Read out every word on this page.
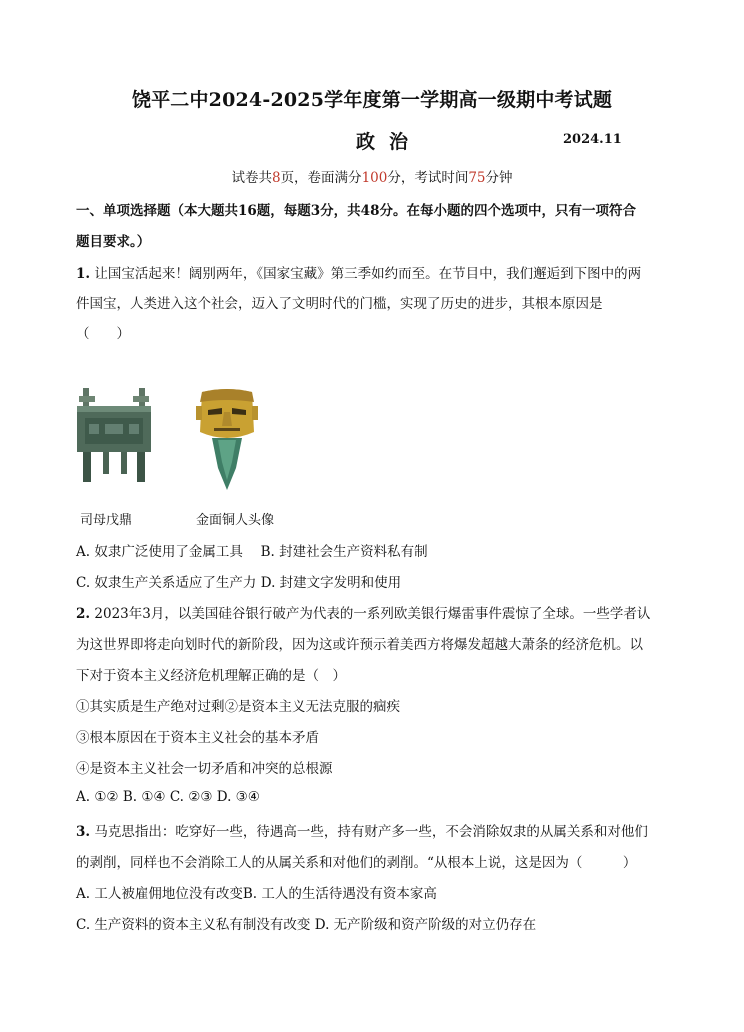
饶平二中2024-2025学年度第一学期高一级期中考试题
政治	2024.11
试卷共8页，卷面满分100分，考试时间75分钟
一、单项选择题（本大题共16题，每题3分，共48分。在每小题的四个选项中，只有一项符合
题目要求。）
1. 让国宝活起来！阔别两年，《国家宝藏》第三季如约而至。在节目中，我们邂逅到下图中的两
件国宝，人类进入这个社会，迈入了文明时代的门槛，实现了历史的进步，其根本原因是
（　　）
司母戊鼎	金面铜人头像
A. 奴隶广泛使用了金属工具　 B. 封建社会生产资料私有制
C. 奴隶生产关系适应了生产力 D. 封建文字发明和使用
2. 2023年3月，以美国硅谷银行破产为代表的一系列欧美银行爆雷事件震惊了全球。一些学者认
为这世界即将走向划时代的新阶段，因为这或许预示着美西方将爆发超越大萧条的经济危机。以
下对于资本主义经济危机理解正确的是（　）
①其实质是生产绝对过剩②是资本主义无法克服的痼疾
③根本原因在于资本主义社会的基本矛盾
④是资本主义社会一切矛盾和冲突的总根源
A. ①② B. ①④ C. ②③ D. ③④
3. 马克思指出：吃穿好一些，待遇高一些，持有财产多一些，不会消除奴隶的从属关系和对他们
的剥削，同样也不会消除工人的从属关系和对他们的剥削。“从根本上说，这是因为（　　　）
A. 工人被雇佣地位没有改变B. 工人的生活待遇没有资本家高
C. 生产资料的资本主义私有制没有改变 D. 无产阶级和资产阶级的对立仍存在
